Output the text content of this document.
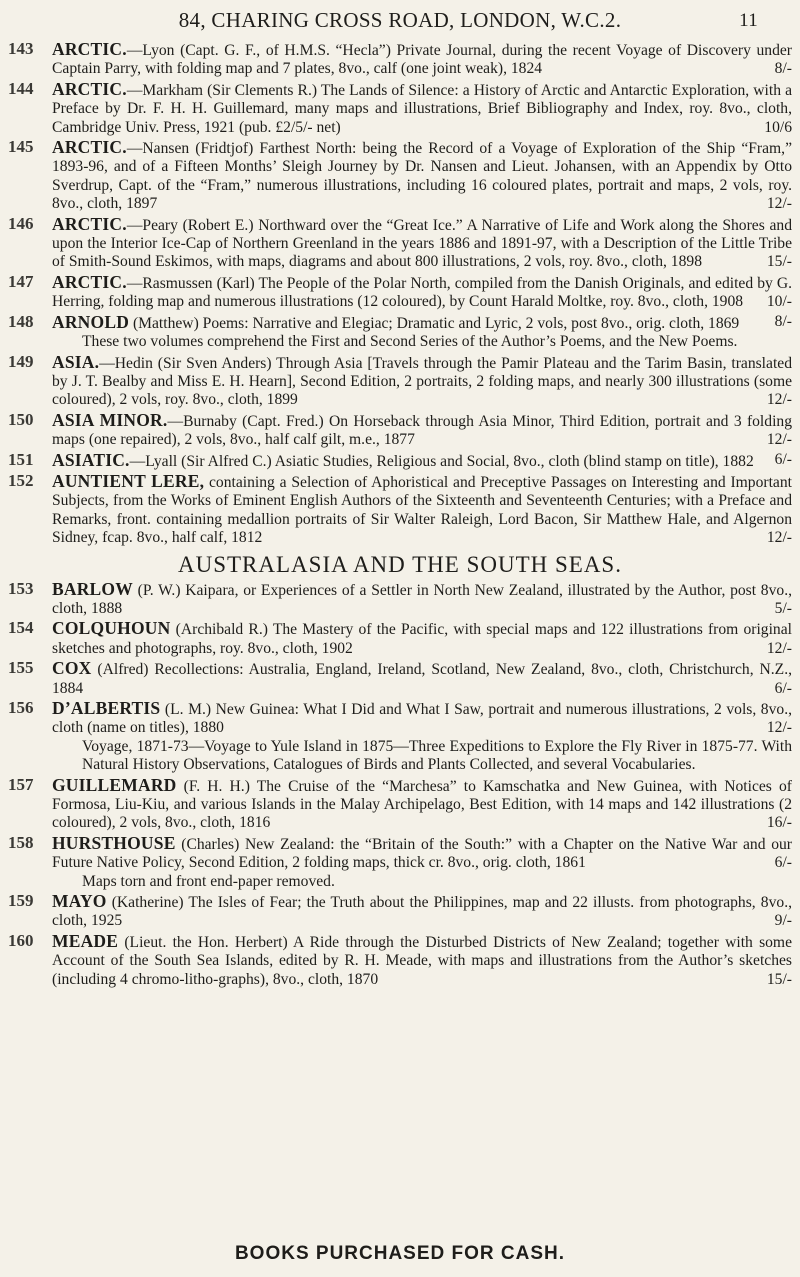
84, CHARING CROSS ROAD, LONDON, W.C.2.	11
143	ARCTIC.—Lyon (Capt. G. F., of H.M.S. “Hecla”) Private Journal, during the recent Voyage of Discovery under Captain Parry, with folding map and 7 plates, 8vo., calf (one joint weak), 1824	8/-
144	ARCTIC.—Markham (Sir Clements R.) The Lands of Silence: a History of Arctic and Antarctic Exploration, with a Preface by Dr. F. H. H. Guillemard, many maps and illustrations, Brief Bibliography and Index, roy. 8vo., cloth, Cambridge Univ. Press, 1921 (pub. £2/5/- net)	10/6
145	ARCTIC.—Nansen (Fridtjof) Farthest North: being the Record of a Voyage of Exploration of the Ship “Fram,” 1893-96, and of a Fifteen Months’ Sleigh Journey by Dr. Nansen and Lieut. Johansen, with an Appendix by Otto Sverdrup, Capt. of the “Fram,” numerous illustrations, including 16 coloured plates, portrait and maps, 2 vols, roy. 8vo., cloth, 1897	12/-
146	ARCTIC.—Peary (Robert E.) Northward over the “Great Ice.” A Narrative of Life and Work along the Shores and upon the Interior Ice-Cap of Northern Greenland in the years 1886 and 1891-97, with a Description of the Little Tribe of Smith-Sound Eskimos, with maps, diagrams and about 800 illustrations, 2 vols, roy. 8vo., cloth, 1898	15/-
147	ARCTIC.—Rasmussen (Karl) The People of the Polar North, compiled from the Danish Originals, and edited by G. Herring, folding map and numerous illustrations (12 coloured), by Count Harald Moltke, roy. 8vo., cloth, 1908 10/-
148	ARNOLD (Matthew) Poems: Narrative and Elegiac; Dramatic and Lyric, 2 vols, post 8vo., orig. cloth, 1869 8/-
These two volumes comprehend the First and Second Series of the Author’s Poems, and the New Poems.
149	ASIA.—Hedin (Sir Sven Anders) Through Asia [Travels through the Pamir Plateau and the Tarim Basin, translated by J. T. Bealby and Miss E. H. Hearn], Second Edition, 2 portraits, 2 folding maps, and nearly 300 illustrations (some coloured), 2 vols, roy. 8vo., cloth, 1899	12/-
150	ASIA MINOR.—Burnaby (Capt. Fred.) On Horseback through Asia Minor, Third Edition, portrait and 3 folding maps (one repaired), 2 vols, 8vo., half calf gilt, m.e., 1877	12/-
151	ASIATIC.—Lyall (Sir Alfred C.) Asiatic Studies, Religious and Social, 8vo., cloth (blind stamp on title), 1882 6/-
152	AUNTIENT LERE, containing a Selection of Aphoristical and Preceptive Passages on Interesting and Important Subjects, from the Works of Eminent English Authors of the Sixteenth and Seventeenth Centuries; with a Preface and Remarks, front. containing medallion portraits of Sir Walter Raleigh, Lord Bacon, Sir Matthew Hale, and Algernon Sidney, fcap. 8vo., half calf, 1812	12/-
AUSTRALASIA AND THE SOUTH SEAS.
153	BARLOW (P. W.) Kaipara, or Experiences of a Settler in North New Zealand, illustrated by the Author, post 8vo., cloth, 1888	5/-
154	COLQUHOUN (Archibald R.) The Mastery of the Pacific, with special maps and 122 illustrations from original sketches and photographs, roy. 8vo., cloth, 1902	12/-
155	COX (Alfred) Recollections: Australia, England, Ireland, Scotland, New Zealand, 8vo., cloth, Christchurch, N.Z., 1884	6/-
156	D’ALBERTIS (L. M.) New Guinea: What I Did and What I Saw, portrait and numerous illustrations, 2 vols, 8vo., cloth (name on titles), 1880	12/-
Voyage, 1871-73—Voyage to Yule Island in 1875—Three Expeditions to Explore the Fly River in 1875-77. With Natural History Observations, Catalogues of Birds and Plants Collected, and several Vocabularies.
157	GUILLEMARD (F. H. H.) The Cruise of the “Marchesa” to Kamschatka and New Guinea, with Notices of Formosa, Liu-Kiu, and various Islands in the Malay Archipelago, Best Edition, with 14 maps and 142 illustrations (2 coloured), 2 vols, 8vo., cloth, 1816	16/-
158	HURSTHOUSE (Charles) New Zealand: the “Britain of the South:” with a Chapter on the Native War and our Future Native Policy, Second Edition, 2 folding maps, thick cr. 8vo., orig. cloth, 1861	6/-
Maps torn and front end-paper removed.
159	MAYO (Katherine) The Isles of Fear; the Truth about the Philippines, map and 22 illusts. from photographs, 8vo., cloth, 1925	9/-
160	MEADE (Lieut. the Hon. Herbert) A Ride through the Disturbed Districts of New Zealand; together with some Account of the South Sea Islands, edited by R. H. Meade, with maps and illustrations from the Author’s sketches (including 4 chromo-litho-graphs), 8vo., cloth, 1870	15/-
BOOKS PURCHASED FOR CASH.
